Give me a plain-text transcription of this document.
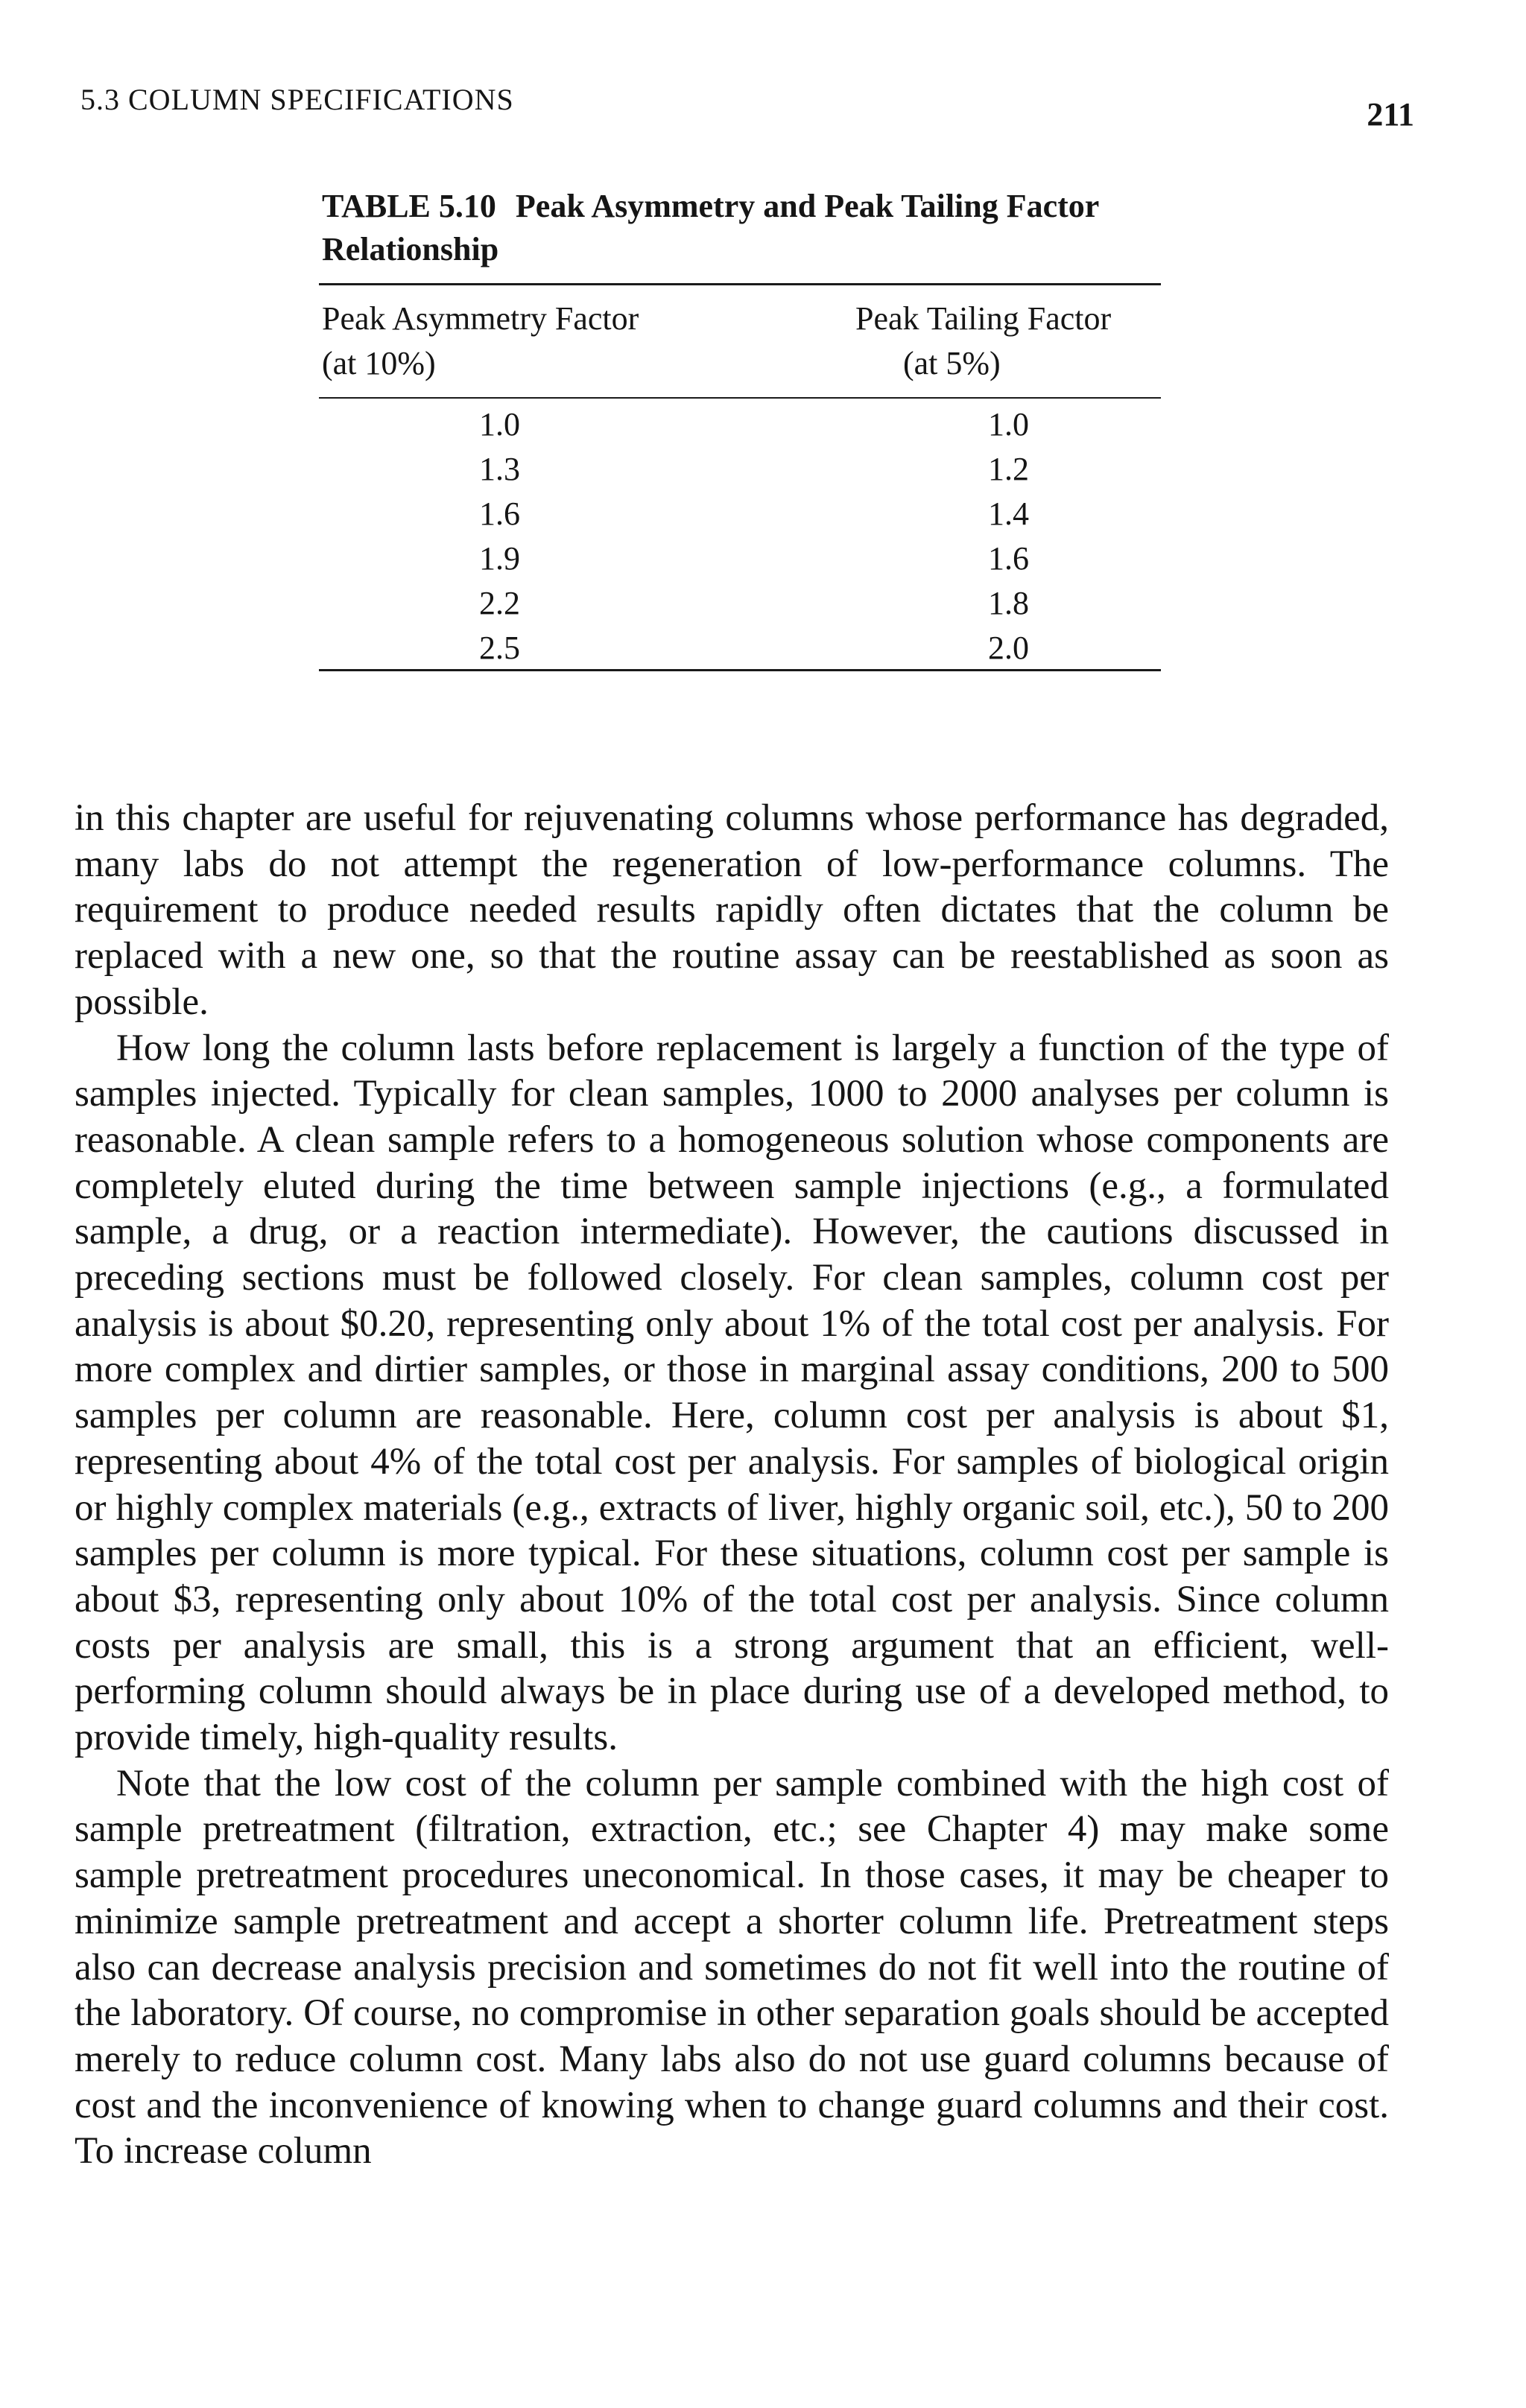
5.3 COLUMN SPECIFICATIONS	211
TABLE 5.10 Peak Asymmetry and Peak Tailing Factor Relationship
Peak Asymmetry Factor
(at 10%)
Peak Tailing Factor
(at 5%)
1.0
1.3
1.6
1.9
2.2
2.5
1.0
1.2
1.4
1.6
1.8
2.0

in this chapter are useful for rejuvenating columns whose performance has degraded, many labs do not attempt the regeneration of low-performance columns. The requirement to produce needed results rapidly often dictates that the column be replaced with a new one, so that the routine assay can be reestablished as soon as possible.

How long the column lasts before replacement is largely a function of the type of samples injected. Typically for clean samples, 1000 to 2000 analyses per column is reasonable. A clean sample refers to a homogeneous solution whose components are completely eluted during the time between sample injections (e.g., a formulated sample, a drug, or a reaction intermediate). However, the cautions discussed in preceding sections must be followed closely. For clean samples, column cost per analysis is about $0.20, representing only about 1% of the total cost per analysis. For more complex and dirtier samples, or those in marginal assay conditions, 200 to 500 samples per column are reasonable. Here, column cost per analysis is about $1, representing about 4% of the total cost per analysis. For samples of biological origin or highly complex materials (e.g., extracts of liver, highly organic soil, etc.), 50 to 200 samples per column is more typical. For these situations, column cost per sample is about $3, representing only about 10% of the total cost per analysis. Since column costs per analysis are small, this is a strong argument that an efficient, well-performing column should always be in place during use of a developed method, to provide timely, high-quality results.

Note that the low cost of the column per sample combined with the high cost of sample pretreatment (filtration, extraction, etc.; see Chapter 4) may make some sample pretreatment procedures uneconomical. In those cases, it may be cheaper to minimize sample pretreatment and accept a shorter column life. Pretreatment steps also can decrease analysis precision and sometimes do not fit well into the routine of the laboratory. Of course, no compromise in other separation goals should be accepted merely to reduce column cost. Many labs also do not use guard columns because of cost and the inconvenience of knowing when to change guard columns and their cost. To increase column
